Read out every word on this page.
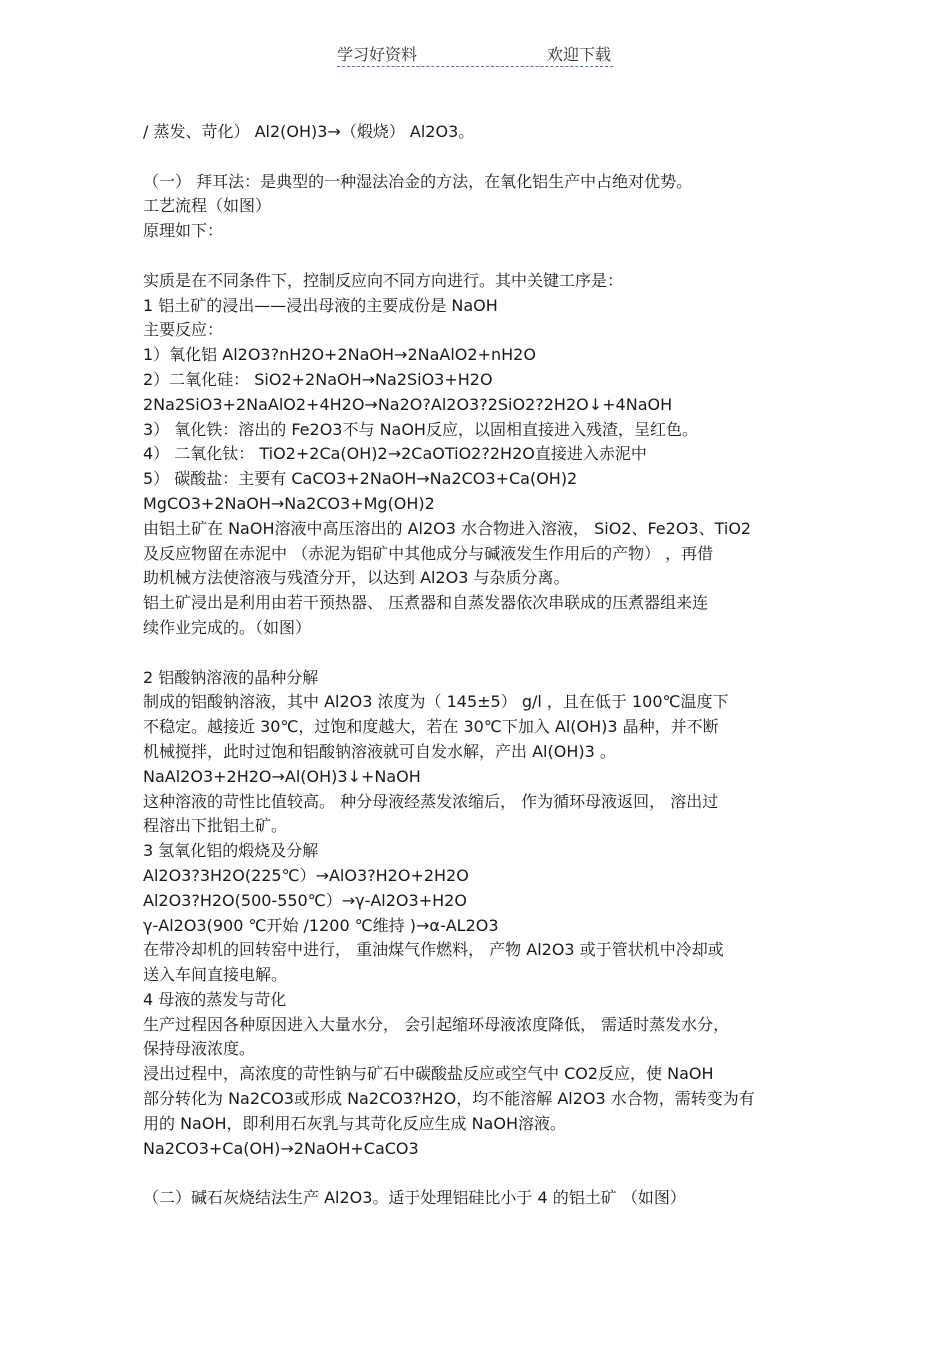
学习好资料	欢迎下载
/ 蒸发、苛化） Al2(OH)3→（煅烧） Al2O3。
（一） 拜耳法：是典型的一种湿法冶金的方法，在氧化铝生产中占绝对优势。
工艺流程（如图）
原理如下：
实质是在不同条件下，控制反应向不同方向进行。其中关键工序是：
1 铝土矿的浸出——浸出母液的主要成份是 NaOH
主要反应：
1）氧化铝 Al2O3?nH2O+2NaOH→2NaAlO2+nH2O
2）二氧化硅： SiO2+2NaOH→Na2SiO3+H2O
2Na2SiO3+2NaAlO2+4H2O→Na2O?Al2O3?2SiO2?2H2O↓+4NaOH
3） 氧化铁：溶出的 Fe2O3不与 NaOH反应，以固相直接进入残渣，呈红色。
4） 二氧化钛： TiO2+2Ca(OH)2→2CaOTiO2?2H2O直接进入赤泥中
5） 碳酸盐：主要有 CaCO3+2NaOH→Na2CO3+Ca(OH)2
MgCO3+2NaOH→Na2CO3+Mg(OH)2
由铝土矿在 NaOH溶液中高压溶出的 Al2O3 水合物进入溶液， SiO2、Fe2O3、TiO2
及反应物留在赤泥中 （赤泥为铝矿中其他成分与碱液发生作用后的产物） ，再借
助机械方法使溶液与残渣分开，以达到 Al2O3 与杂质分离。
铝土矿浸出是利用由若干预热器、 压煮器和自蒸发器依次串联成的压煮器组来连
续作业完成的。（如图）
2 铝酸钠溶液的晶种分解
制成的铝酸钠溶液，其中 Al2O3 浓度为（ 145±5） g/l ，且在低于 100℃温度下
不稳定。越接近 30℃，过饱和度越大，若在 30℃下加入 Al(OH)3 晶种，并不断
机械搅拌，此时过饱和铝酸钠溶液就可自发水解，产出 Al(OH)3 。
NaAl2O3+2H2O→Al(OH)3↓+NaOH
这种溶液的苛性比值较高。 种分母液经蒸发浓缩后， 作为循环母液返回， 溶出过
程溶出下批铝土矿。
3 氢氧化铝的煅烧及分解
Al2O3?3H2O(225℃）→AlO3?H2O+2H2O
Al2O3?H2O(500-550℃）→γ-Al2O3+H2O
γ-Al2O3(900 ℃开始 /1200 ℃维持 )→α-AL2O3
在带冷却机的回转窑中进行， 重油煤气作燃料， 产物 Al2O3 或于管状机中冷却或
送入车间直接电解。
4 母液的蒸发与苛化
生产过程因各种原因进入大量水分， 会引起缩环母液浓度降低， 需适时蒸发水分，
保持母液浓度。
浸出过程中，高浓度的苛性钠与矿石中碳酸盐反应或空气中 CO2反应，使 NaOH
部分转化为 Na2CO3或形成 Na2CO3?H2O，均不能溶解 Al2O3 水合物，需转变为有
用的 NaOH，即利用石灰乳与其苛化反应生成 NaOH溶液。
Na2CO3+Ca(OH)→2NaOH+CaCO3
（二）碱石灰烧结法生产 Al2O3。适于处理铝硅比小于 4 的铝土矿 （如图）
